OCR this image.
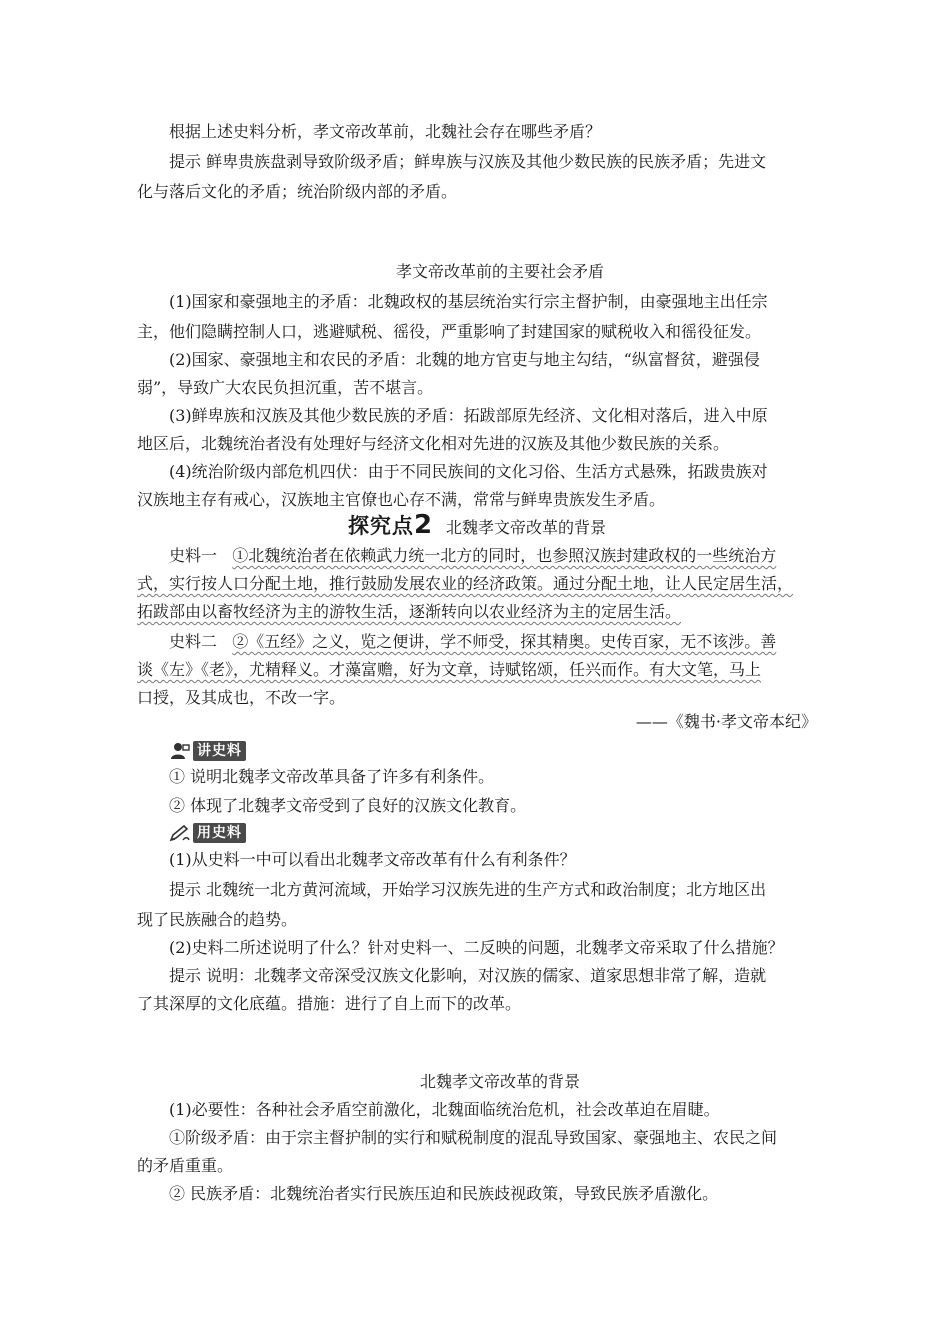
根据上述史料分析，孝文帝改革前，北魏社会存在哪些矛盾？
提示 鲜卑贵族盘剥导致阶级矛盾；鲜卑族与汉族及其他少数民族的民族矛盾；先进文
化与落后文化的矛盾；统治阶级内部的矛盾。
孝文帝改革前的主要社会矛盾
(1)国家和豪强地主的矛盾：北魏政权的基层统治实行宗主督护制，由豪强地主出任宗
主，他们隐瞒控制人口，逃避赋税、徭役，严重影响了封建国家的赋税收入和徭役征发。
(2)国家、豪强地主和农民的矛盾：北魏的地方官吏与地主勾结，“纵富督贫，避强侵
弱”，导致广大农民负担沉重，苦不堪言。
(3)鲜卑族和汉族及其他少数民族的矛盾：拓跋部原先经济、文化相对落后，进入中原
地区后，北魏统治者没有处理好与经济文化相对先进的汉族及其他少数民族的关系。
(4)统治阶级内部危机四伏：由于不同民族间的文化习俗、生活方式悬殊，拓跋贵族对
汉族地主存有戒心，汉族地主官僚也心存不满，常常与鲜卑贵族发生矛盾。
探究点2 北魏孝文帝改革的背景
史料一 ①北魏统治者在依赖武力统一北方的同时，也参照汉族封建政权的一些统治方
式，实行按人口分配土地，推行鼓励发展农业的经济政策。通过分配土地，让人民定居生活，
拓跋部由以畜牧经济为主的游牧生活，逐渐转向以农业经济为主的定居生活。
史料二 ②《五经》之义，览之便讲，学不师受，探其精奥。史传百家，无不该涉。善
谈《左》《老》，尤精释义。才藻富赡，好为文章，诗赋铭颂，任兴而作。有大文笔，马上
口授，及其成也，不改一字。
——《魏书·孝文帝本纪》
讲史料
① 说明北魏孝文帝改革具备了许多有利条件。
② 体现了北魏孝文帝受到了良好的汉族文化教育。
用史料
(1)从史料一中可以看出北魏孝文帝改革有什么有利条件？
提示 北魏统一北方黄河流域，开始学习汉族先进的生产方式和政治制度；北方地区出
现了民族融合的趋势。
(2)史料二所述说明了什么？针对史料一、二反映的问题，北魏孝文帝采取了什么措施？
提示 说明：北魏孝文帝深受汉族文化影响，对汉族的儒家、道家思想非常了解，造就
了其深厚的文化底蕴。措施：进行了自上而下的改革。
北魏孝文帝改革的背景
(1)必要性：各种社会矛盾空前激化，北魏面临统治危机，社会改革迫在眉睫。
①阶级矛盾：由于宗主督护制的实行和赋税制度的混乱导致国家、豪强地主、农民之间
的矛盾重重。
② 民族矛盾：北魏统治者实行民族压迫和民族歧视政策，导致民族矛盾激化。
